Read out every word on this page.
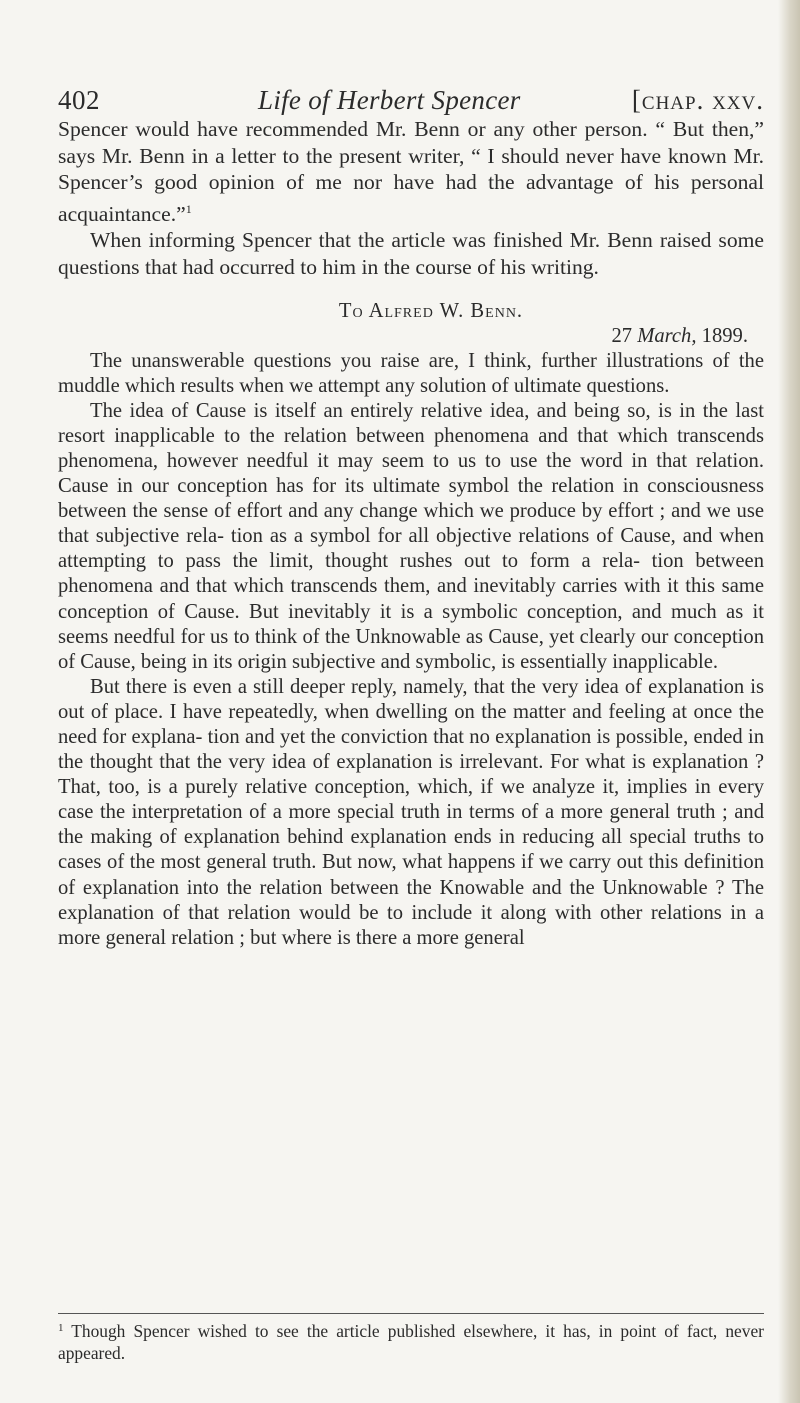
402	Life of Herbert Spencer	[chap. xxv.

Spencer would have recommended Mr. Benn or any other person. “ But then,” says Mr. Benn in a letter to the present writer, “ I should never have known Mr. Spencer’s good opinion of me nor have had the advantage of his personal acquaintance.”$^1$

When informing Spencer that the article was finished Mr. Benn raised some questions that had occurred to him in the course of his writing.

To Alfred W. Benn.

27 March, 1899.

The unanswerable questions you raise are, I think, further illustrations of the muddle which results when we attempt any solution of ultimate questions.

The idea of Cause is itself an entirely relative idea, and being so, is in the last resort inapplicable to the relation between phenomena and that which transcends phenomena, however needful it may seem to us to use the word in that relation. Cause in our conception has for its ultimate symbol the relation in consciousness between the sense of effort and any change which we produce by effort ; and we use that subjective rela- tion as a symbol for all objective relations of Cause, and when attempting to pass the limit, thought rushes out to form a rela- tion between phenomena and that which transcends them, and inevitably carries with it this same conception of Cause. But inevitably it is a symbolic conception, and much as it seems needful for us to think of the Unknowable as Cause, yet clearly our conception of Cause, being in its origin subjective and symbolic, is essentially inapplicable.

But there is even a still deeper reply, namely, that the very idea of explanation is out of place. I have repeatedly, when dwelling on the matter and feeling at once the need for explana- tion and yet the conviction that no explanation is possible, ended in the thought that the very idea of explanation is irrelevant. For what is explanation ? That, too, is a purely relative conception, which, if we analyze it, implies in every case the interpretation of a more special truth in terms of a more general truth ; and the making of explanation behind explanation ends in reducing all special truths to cases of the most general truth. But now, what happens if we carry out this definition of explanation into the relation between the Knowable and the Unknowable ? The explanation of that relation would be to include it along with other relations in a more general relation ; but where is there a more general

$^1$ Though Spencer wished to see the article published elsewhere, it has, in point of fact, never appeared.
